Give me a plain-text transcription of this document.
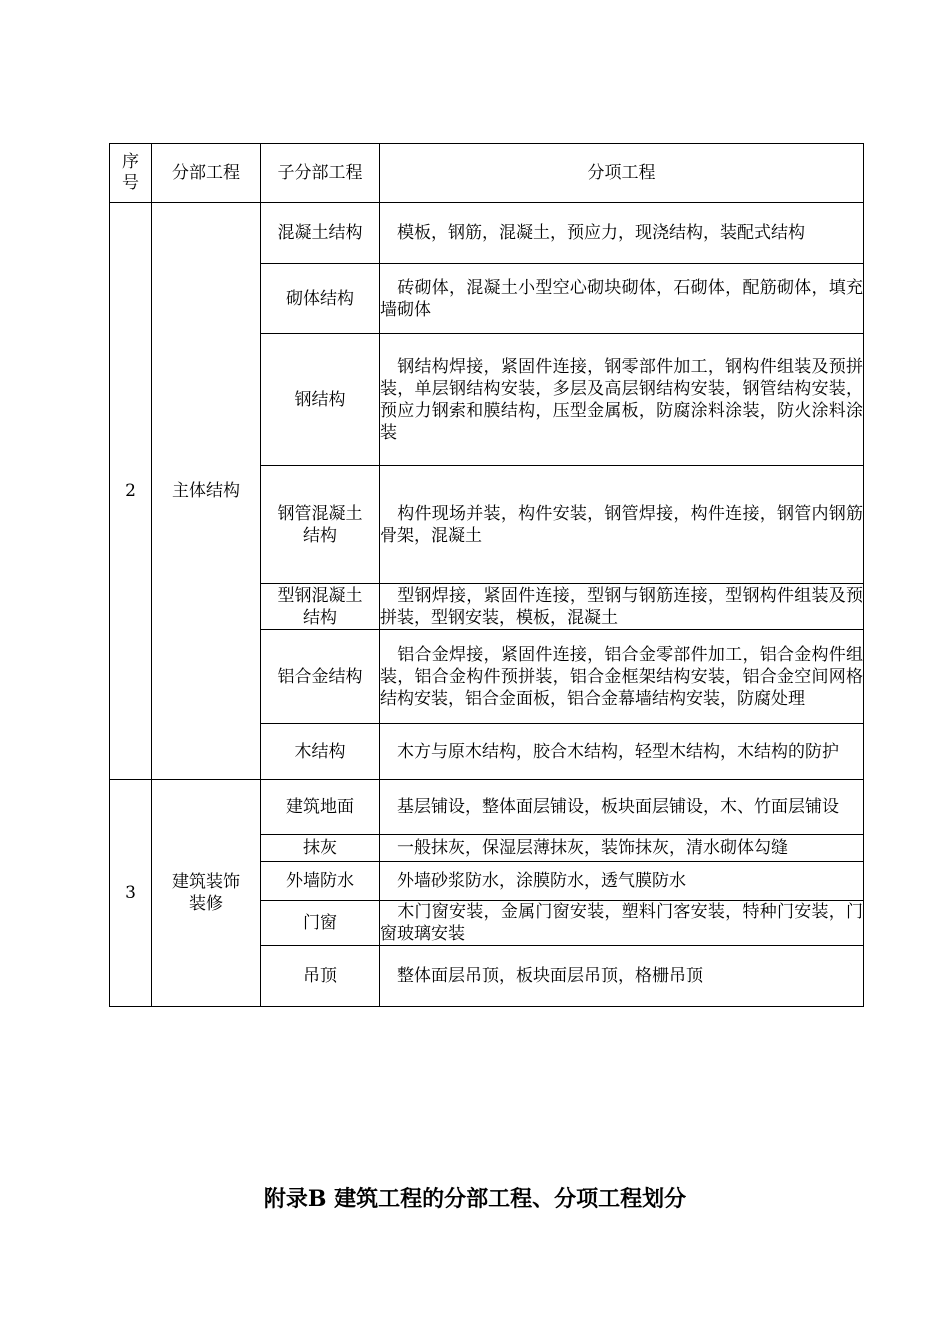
序号	分部工程	子分部工程	分项工程
2	主体结构	混凝土结构	模板，钢筋，混凝土，预应力，现浇结构，装配式结构
		砌体结构	砖砌体，混凝土小型空心砌块砌体，石砌体，配筋砌体，填充墙砌体
		钢结构	钢结构焊接，紧固件连接，钢零部件加工，钢构件组装及预拼装，单层钢结构安装，多层及高层钢结构安装，钢管结构安装，预应力钢索和膜结构，压型金属板，防腐涂料涂装，防火涂料涂装

		钢管混凝土结构	构件现场并装，构件安装，钢管焊接，构件连接，钢管内钢筋骨架，混凝土

		型钢混凝土结构	型钢焊接，紧固件连接，型钢与钢筋连接，型钢构件组装及预拼装，型钢安装，模板，混凝土
		铝合金结构	铝合金焊接，紧固件连接，铝合金零部件加工，铝合金构件组装，铝合金构件预拼装，铝合金框架结构安装，铝合金空间网格结构安装，铝合金面板，铝合金幕墙结构安装，防腐处理
		木结构	木方与原木结构，胶合木结构，轻型木结构，木结构的防护
3	建筑装饰装修	建筑地面	基层铺设，整体面层铺设，板块面层铺设，木、竹面层铺设
		抹灰	一般抹灰，保湿层薄抹灰，装饰抹灰，清水砌体勾缝
		外墙防水	外墙砂浆防水，涂膜防水，透气膜防水
		门窗	木门窗安装，金属门窗安装，塑料门客安装，特种门安装，门窗玻璃安装
		吊顶	整体面层吊顶，板块面层吊顶，格栅吊顶
附录B 建筑工程的分部工程、分项工程划分
